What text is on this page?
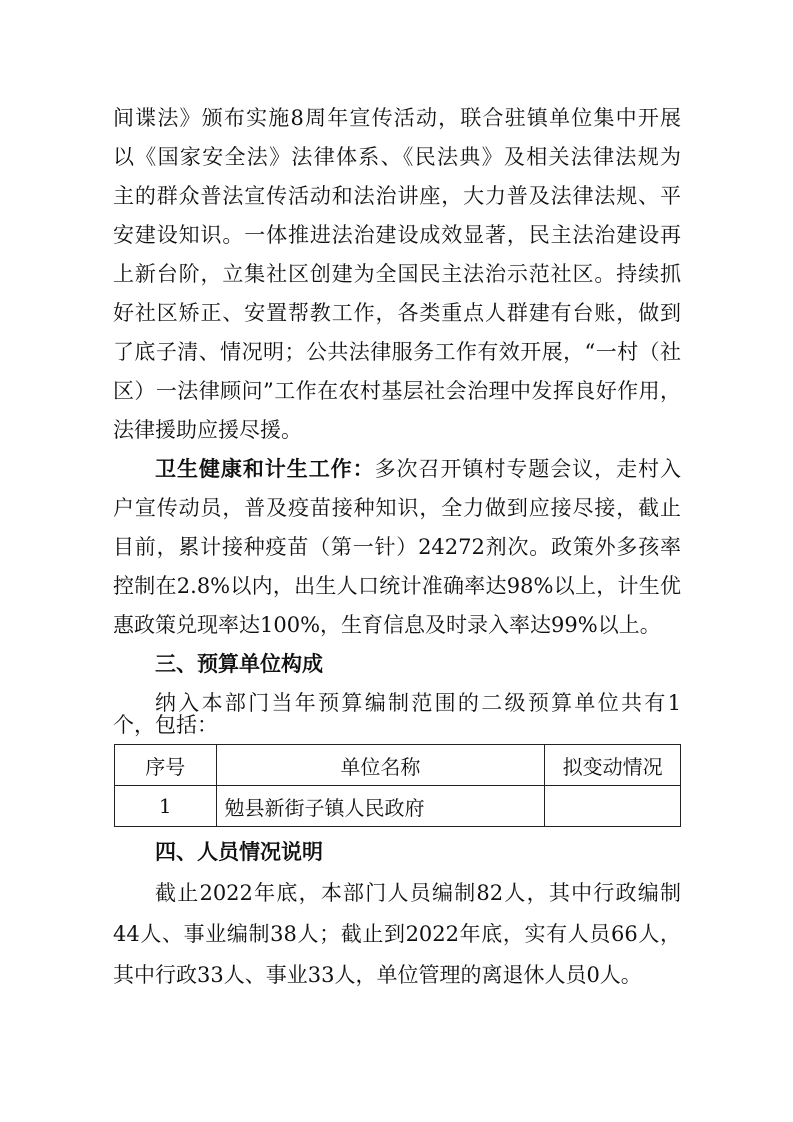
间谍法》颁布实施8周年宣传活动，联合驻镇单位集中开展
以《国家安全法》法律体系、《民法典》及相关法律法规为
主的群众普法宣传活动和法治讲座，大力普及法律法规、平
安建设知识。一体推进法治建设成效显著，民主法治建设再
上新台阶，立集社区创建为全国民主法治示范社区。持续抓
好社区矫正、安置帮教工作，各类重点人群建有台账，做到
了底子清、情况明；公共法律服务工作有效开展，“一村（社
区）一法律顾问”工作在农村基层社会治理中发挥良好作用，
法律援助应援尽援。
卫生健康和计生工作：多次召开镇村专题会议，走村入
户宣传动员，普及疫苗接种知识，全力做到应接尽接，截止
目前，累计接种疫苗（第一针）24272剂次。政策外多孩率
控制在2.8%以内，出生人口统计准确率达98%以上，计生优
惠政策兑现率达100%，生育信息及时录入率达99%以上。
三、预算单位构成
纳入本部门当年预算编制范围的二级预算单位共有1
个，包括：
序号	单位名称	拟变动情况
1	勉县新街子镇人民政府	
四、人员情况说明
截止2022年底，本部门人员编制82人，其中行政编制
44人、事业编制38人；截止到2022年底，实有人员66人，
其中行政33人、事业33人，单位管理的离退休人员0人。
